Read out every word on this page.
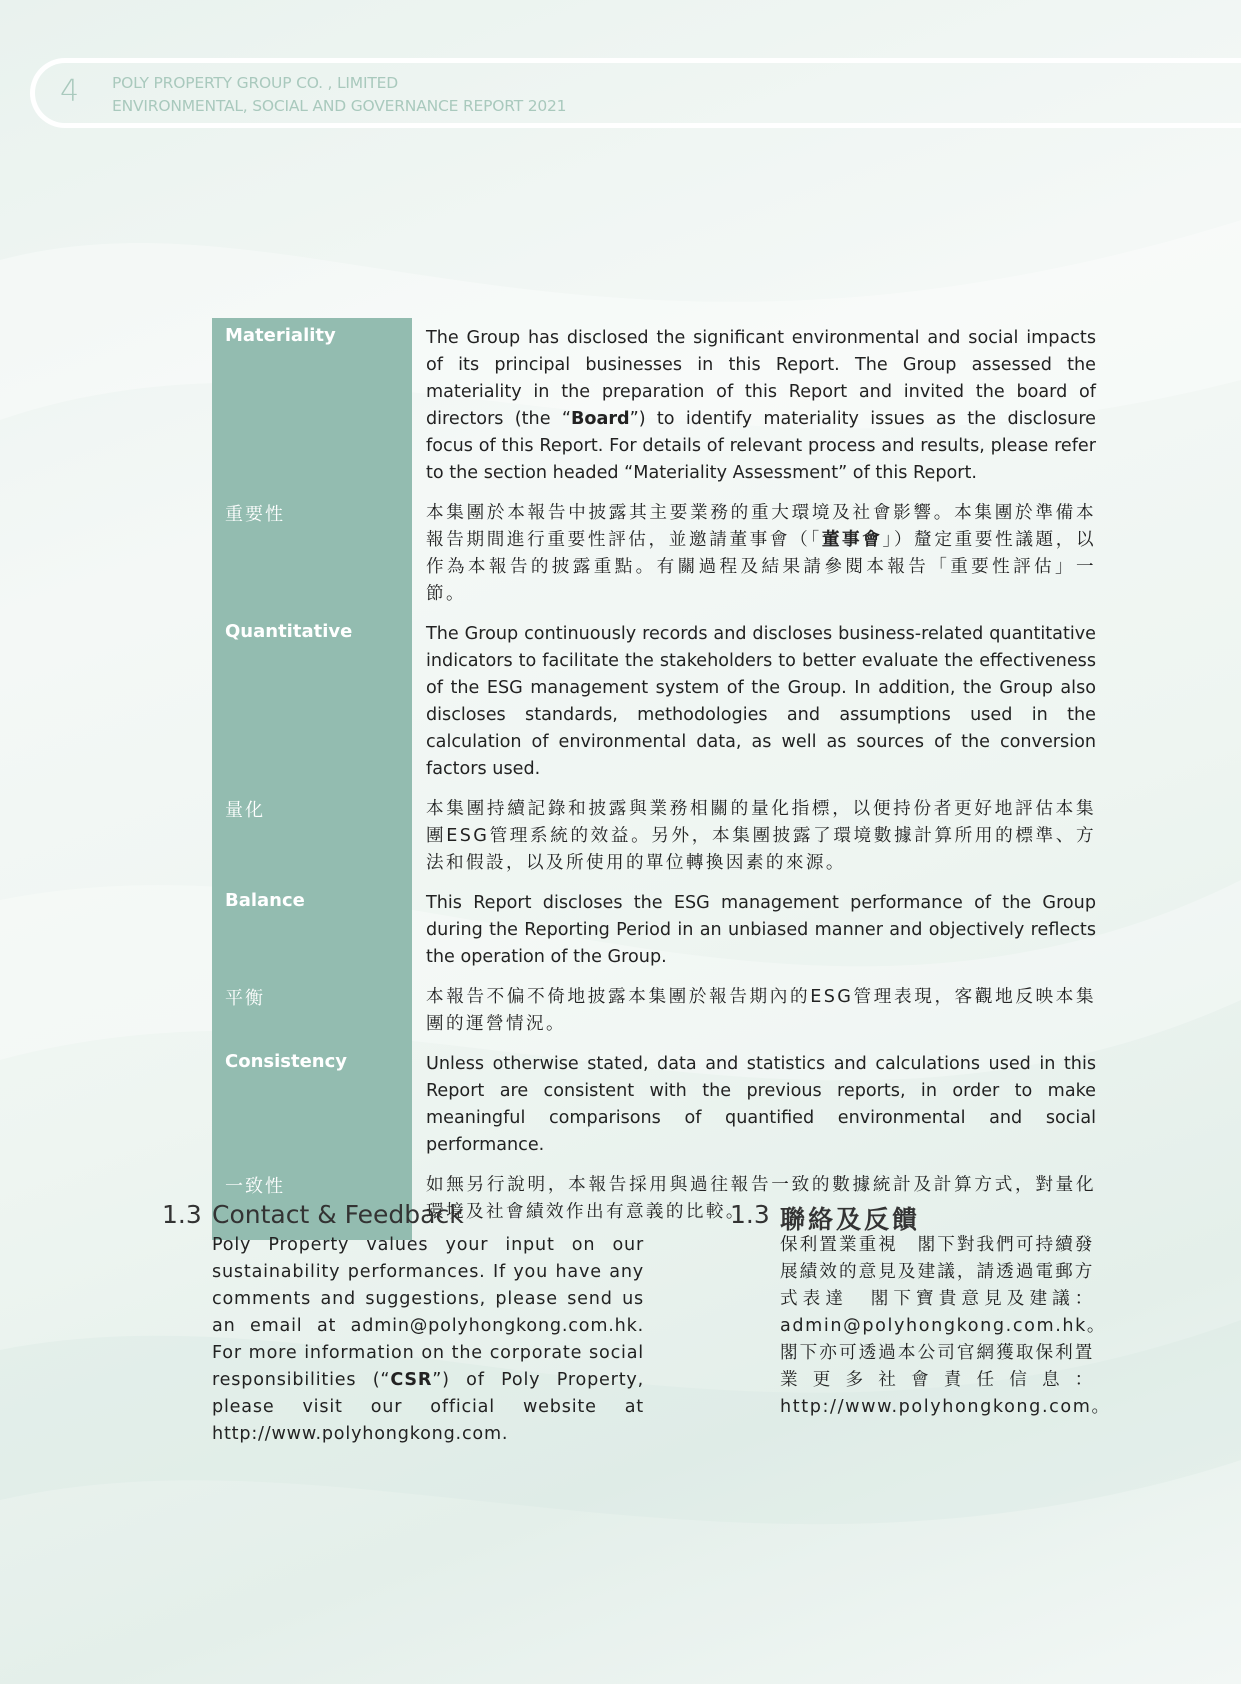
4 POLY PROPERTY GROUP CO. , LIMITED
ENVIRONMENTAL, SOCIAL AND GOVERNANCE REPORT 2021
Materiality	The Group has disclosed the significant environmental and social impacts of its principal businesses in this Report. The Group assessed the materiality in the preparation of this Report and invited the board of directors (the “Board”) to identify materiality issues as the disclosure focus of this Report. For details of relevant process and results, please refer to the section headed “Materiality Assessment” of this Report.
重要性	本集團於本報告中披露其主要業務的重大環境及社會影響。本集團於準備本報告期間進行重要性評估，並邀請董事會（「董事會」）釐定重要性議題，以作為本報告的披露重點。有關過程及結果請參閱本報告「重要性評估」一節。
Quantitative	The Group continuously records and discloses business-related quantitative indicators to facilitate the stakeholders to better evaluate the effectiveness of the ESG management system of the Group. In addition, the Group also discloses standards, methodologies and assumptions used in the calculation of environmental data, as well as sources of the conversion factors used.
量化	本集團持續記錄和披露與業務相關的量化指標，以便持份者更好地評估本集團ESG管理系統的效益。另外，本集團披露了環境數據計算所用的標準、方法和假設，以及所使用的單位轉換因素的來源。
Balance	This Report discloses the ESG management performance of the Group during the Reporting Period in an unbiased manner and objectively reflects the operation of the Group.
平衡	本報告不偏不倚地披露本集團於報告期內的ESG管理表現，客觀地反映本集團的運營情況。
Consistency	Unless otherwise stated, data and statistics and calculations used in this Report are consistent with the previous reports, in order to make meaningful comparisons of quantified environmental and social performance.
一致性	如無另行說明，本報告採用與過往報告一致的數據統計及計算方式，對量化環境及社會績效作出有意義的比較。
1.3 Contact & Feedback
Poly Property values your input on our sustainability performances. If you have any comments and suggestions, please send us an email at admin@polyhongkong.com.hk. For more information on the corporate social responsibilities (“CSR”) of Poly Property, please visit our official website at http://www.polyhongkong.com.
1.3 聯絡及反饋
保利置業重視　閣下對我們可持續發展績效的意見及建議，請透過電郵方式表達　閣下寶貴意見及建議：admin@polyhongkong.com.hk。　閣下亦可透過本公司官網獲取保利置業更多社會責任信息：http://www.polyhongkong.com。
